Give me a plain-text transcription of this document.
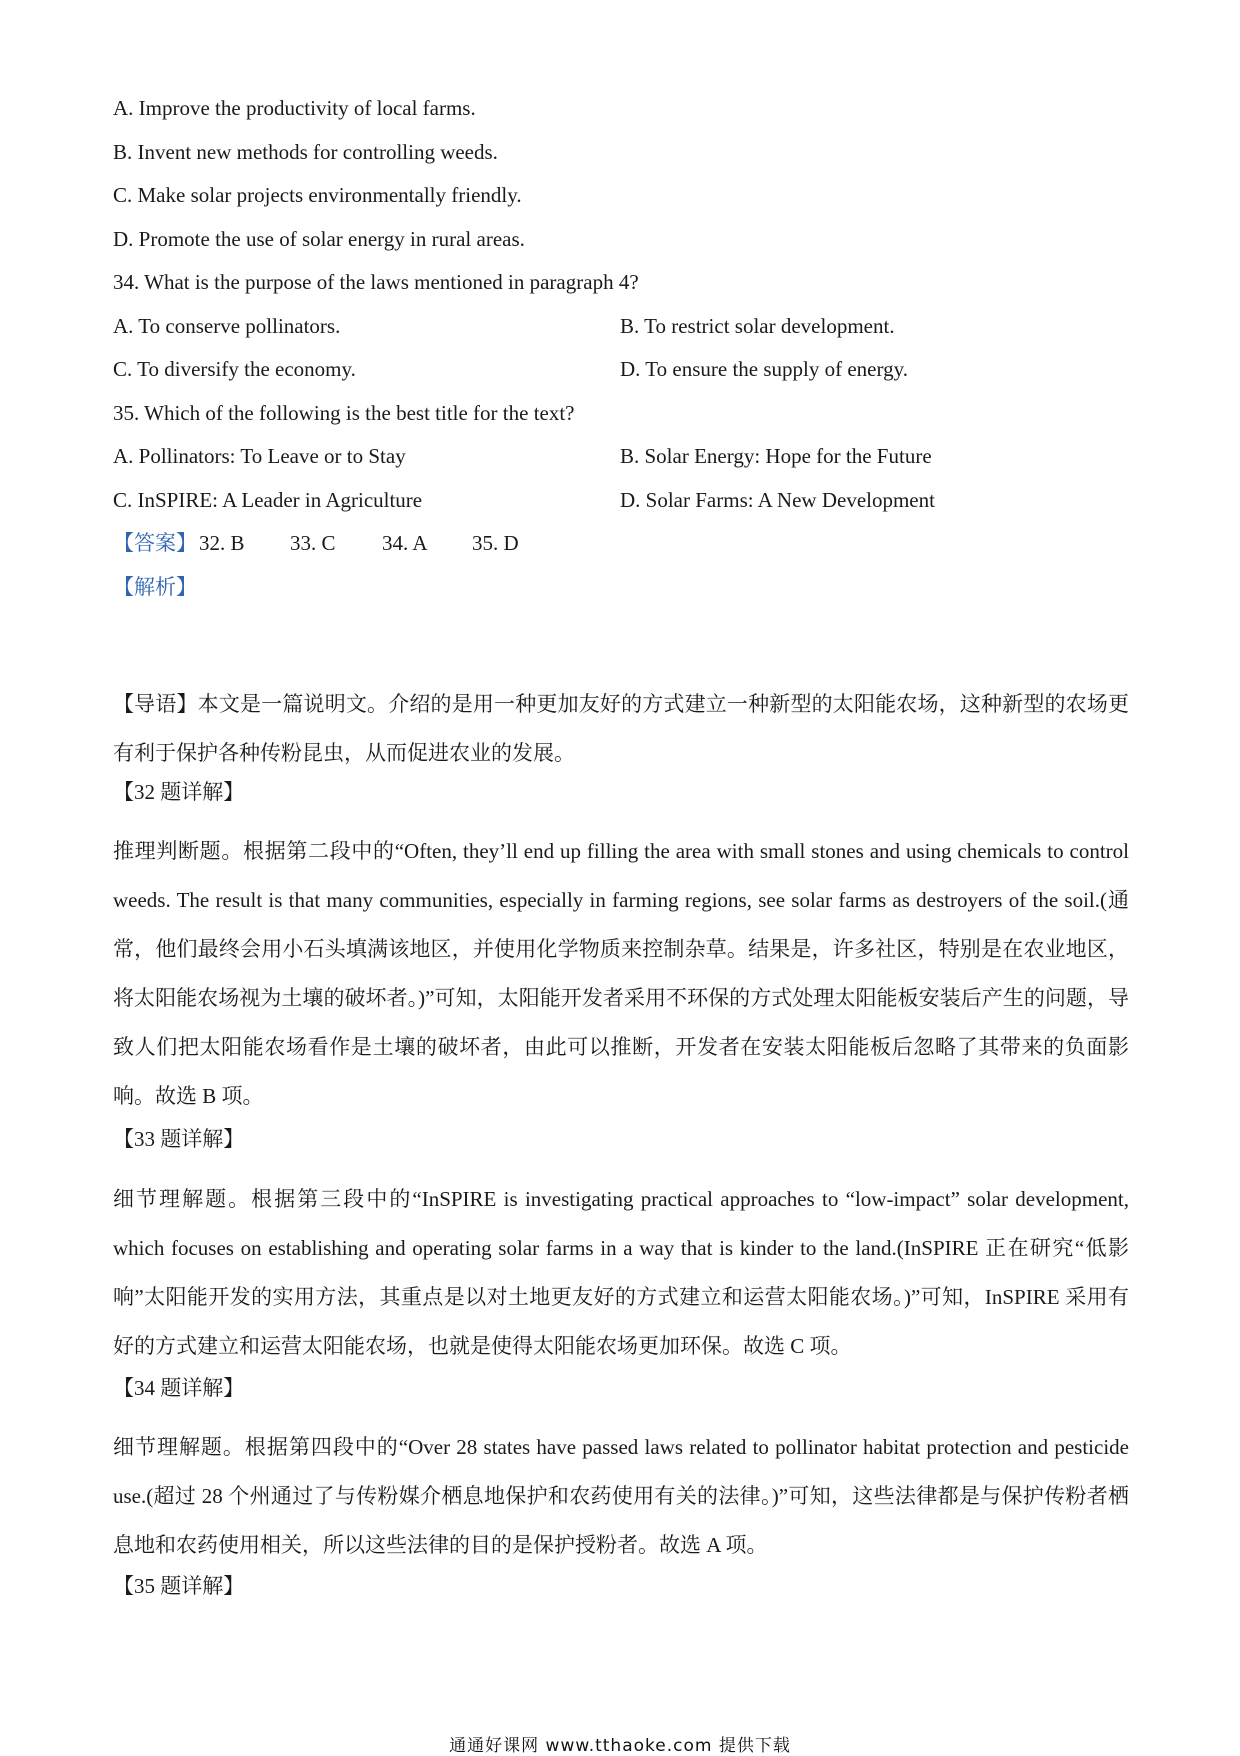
A. Improve the productivity of local farms.
B. Invent new methods for controlling weeds.
C. Make solar projects environmentally friendly.
D. Promote the use of solar energy in rural areas.
34. What is the purpose of the laws mentioned in paragraph 4?
A. To conserve pollinators.	B. To restrict solar development.
C. To diversify the economy.	D. To ensure the supply of energy.
35. Which of the following is the best title for the text?
A. Pollinators: To Leave or to Stay	B. Solar Energy: Hope for the Future
C. InSPIRE: A Leader in Agriculture	D. Solar Farms: A New Development
【答案】 32. B 33. C 34. A 35. D
【解析】
【导语】本文是一篇说明文。介绍的是用一种更加友好的方式建立一种新型的太阳能农场，这种新型的农场更有利于保护各种传粉昆虫，从而促进农业的发展。
【32 题详解】
推理判断题。根据第二段中的“Often, they’ll end up filling the area with small stones and using chemicals to control weeds. The result is that many communities, especially in farming regions, see solar farms as destroyers of the soil.(通常，他们最终会用小石头填满该地区，并使用化学物质来控制杂草。结果是，许多社区，特别是在农业地区，将太阳能农场视为土壤的破坏者。)”可知，太阳能开发者采用不环保的方式处理太阳能板安装后产生的问题，导致人们把太阳能农场看作是土壤的破坏者，由此可以推断，开发者在安装太阳能板后忽略了其带来的负面影响。故选 B 项。
【33 题详解】
细节理解题。根据第三段中的“InSPIRE is investigating practical approaches to “low-impact” solar development, which focuses on establishing and operating solar farms in a way that is kinder to the land.(InSPIRE 正在研究“低影响”太阳能开发的实用方法，其重点是以对土地更友好的方式建立和运营太阳能农场。)”可知，InSPIRE 采用有好的方式建立和运营太阳能农场，也就是使得太阳能农场更加环保。故选 C 项。
【34 题详解】
细节理解题。根据第四段中的“Over 28 states have passed laws related to pollinator habitat protection and pesticide use.(超过 28 个州通过了与传粉媒介栖息地保护和农药使用有关的法律。)”可知，这些法律都是与保护传粉者栖息地和农药使用相关，所以这些法律的目的是保护授粉者。故选 A 项。
【35 题详解】
通通好课网 www.tthaoke.com 提供下载
